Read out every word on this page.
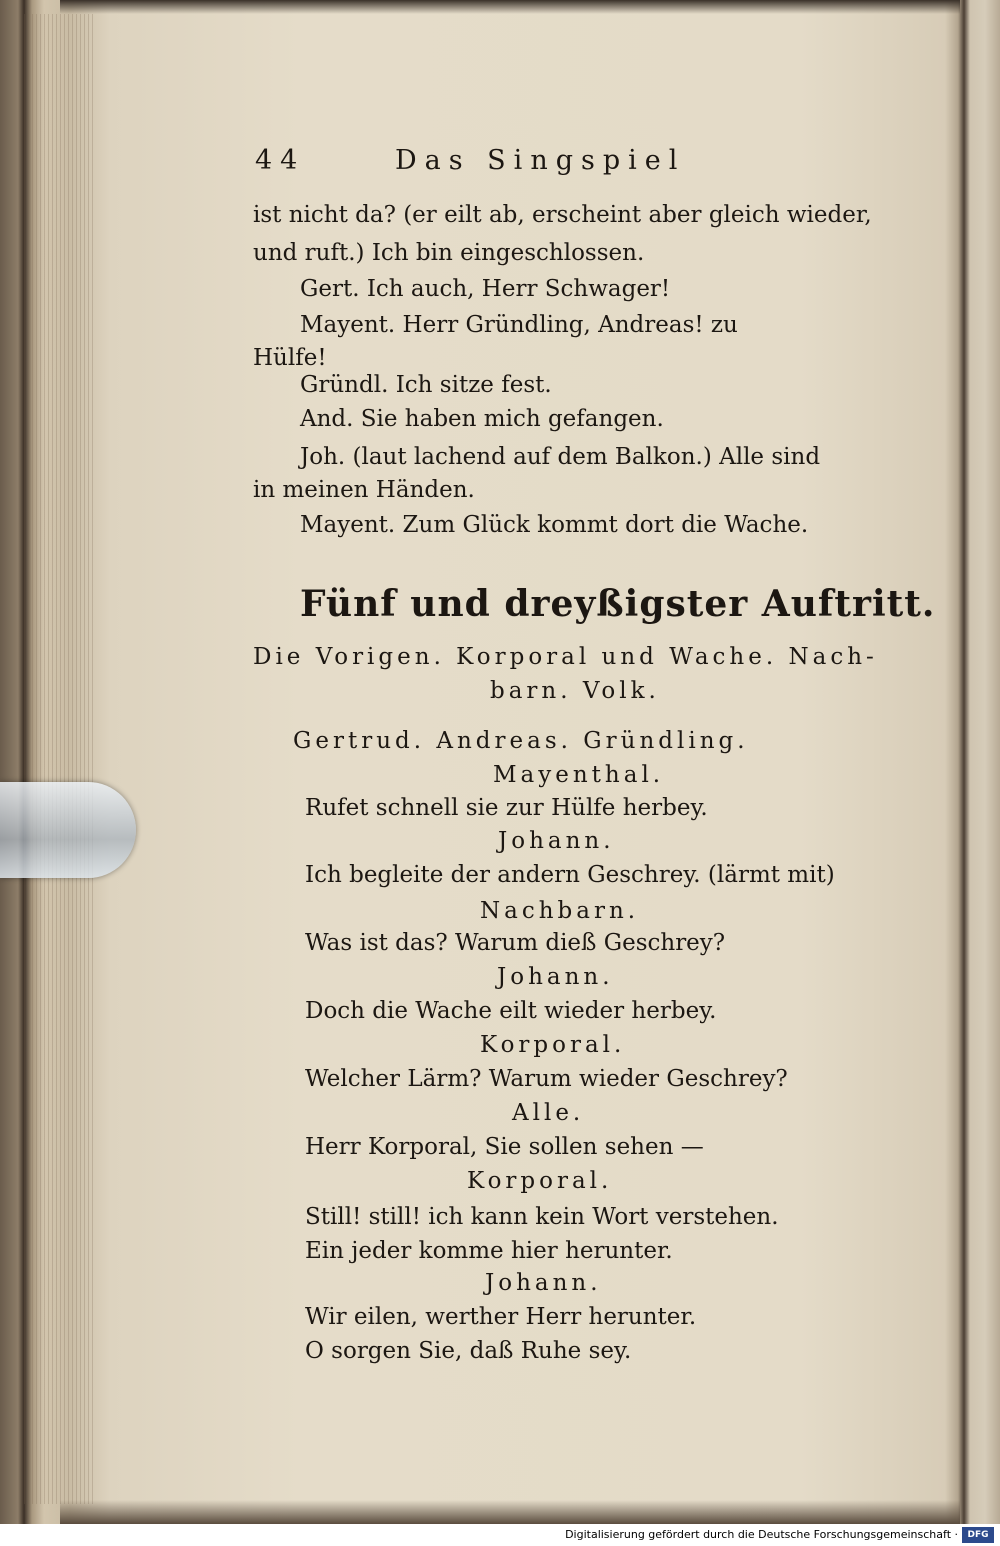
44	Das Singspiel
ist nicht da? (er eilt ab, erscheint aber gleich wieder,
und ruft.) Ich bin eingeschlossen.
Gert. Ich auch, Herr Schwager!
Mayent. Herr Gründling, Andreas! zu
Hülfe!
Gründl. Ich sitze fest.
And. Sie haben mich gefangen.
Joh. (laut lachend auf dem Balkon.) Alle sind
in meinen Händen.
Mayent. Zum Glück kommt dort die Wache.
Fünf und dreyßigster Auftritt.
Die Vorigen. Korporal und Wache. Nach-
barn. Volk.
Gertrud. Andreas. Gründling.
Mayenthal.
Rufet schnell sie zur Hülfe herbey.
Johann.
Ich begleite der andern Geschrey. (lärmt mit)
Nachbarn.
Was ist das? Warum dieß Geschrey?
Johann.
Doch die Wache eilt wieder herbey.
Korporal.
Welcher Lärm? Warum wieder Geschrey?
Alle.
Herr Korporal, Sie sollen sehen —
Korporal.
Still! still! ich kann kein Wort verstehen.
Ein jeder komme hier herunter.
Johann.
Wir eilen, werther Herr herunter.
O sorgen Sie, daß Ruhe sey.
Digitalisierung gefördert durch die Deutsche Forschungsgemeinschaft ·	DFG
